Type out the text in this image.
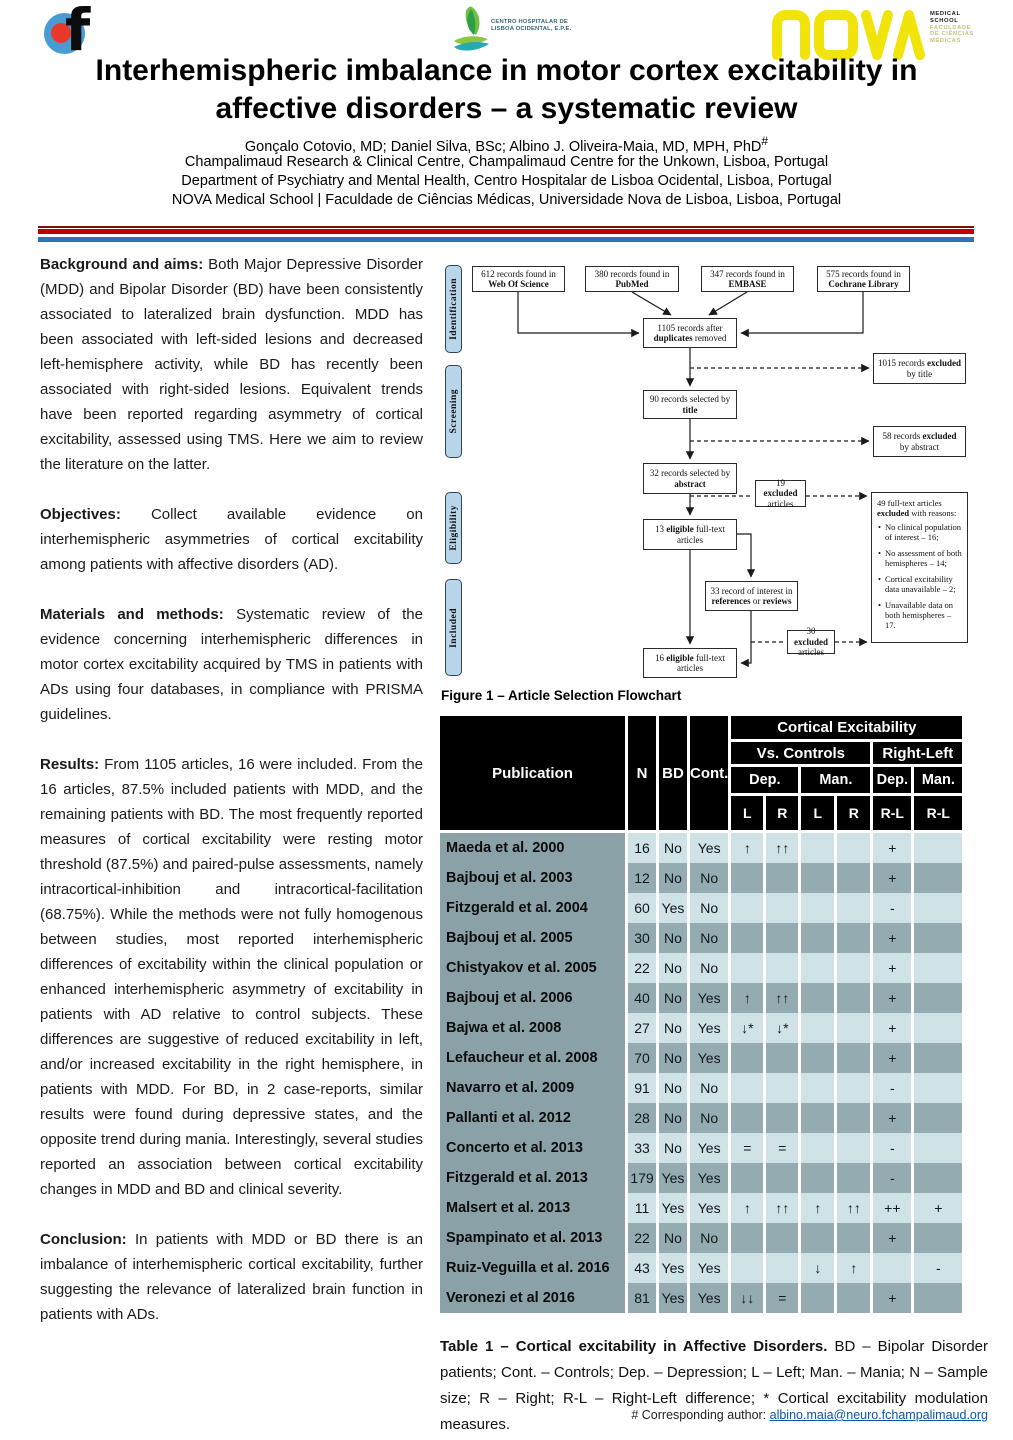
f	CENTRO HOSPITALAR DE
LISBOA OCIDENTAL, E.P.E.
MEDICAL
SCHOOL
FACULDADE
DE CIÊNCIAS
MÉDICAS
Interhemispheric imbalance in motor cortex excitability in
affective disorders – a systematic review
Gonçalo Cotovio, MD; Daniel Silva, BSc; Albino J. Oliveira-Maia, MD, MPH, PhD#
Champalimaud Research & Clinical Centre, Champalimaud Centre for the Unkown, Lisboa, Portugal
Department of Psychiatry and Mental Health, Centro Hospitalar de Lisboa Ocidental, Lisboa, Portugal
NOVA Medical School | Faculdade de Ciências Médicas, Universidade Nova de Lisboa, Lisboa, Portugal

Background and aims: Both Major Depressive Disorder (MDD) and Bipolar Disorder (BD) have been consistently associated to lateralized brain dysfunction. MDD has been associated with left-sided lesions and decreased left-hemisphere activity, while BD has recently been associated with right-sided lesions. Equivalent trends have been reported regarding asymmetry of cortical excitability, assessed using TMS. Here we aim to review the literature on the latter.

Objectives: Collect available evidence on interhemispheric asymmetries of cortical excitability among patients with affective disorders (AD).

Materials and methods: Systematic review of the evidence concerning interhemispheric differences in motor cortex excitability acquired by TMS in patients with ADs using four databases, in compliance with PRISMA guidelines.

Results: From 1105 articles, 16 were included. From the 16 articles, 87.5% included patients with MDD, and the remaining patients with BD. The most frequently reported measures of cortical excitability were resting motor threshold (87.5%) and paired-pulse assessments, namely intracortical-inhibition and intracortical-facilitation (68.75%). While the methods were not fully homogenous between studies, most reported interhemispheric differences of excitability within the clinical population or enhanced interhemispheric asymmetry of excitability in patients with AD relative to control subjects. These differences are suggestive of reduced excitability in left, and/or increased excitability in the right hemisphere, in patients with MDD. For BD, in 2 case-reports, similar results were found during depressive states, and the opposite trend during mania. Interestingly, several studies reported an association between cortical excitability changes in MDD and BD and clinical severity.

Conclusion: In patients with MDD or BD there is an imbalance of interhemispheric cortical excitability, further suggesting the relevance of lateralized brain function in patients with ADs.

Identification
Screening
Eligibility
Included
612 records found in Web Of Science
380 records found in PubMed
347 records found in EMBASE
575 records found in Cochrane Library
1105 records after duplicates removed
1015 records excluded by title
90 records selected by title
58 records excluded by abstract
32 records selected by abstract	19 excluded articles
13 eligible full-text articles
33 record of interest in references or reviews
30 excluded articles
16 eligible full-text articles
49 full-text articles excluded with reasons:
• No clinical population of interest – 16;
• No assessment of both hemispheres – 14;
• Cortical excitability data unavailable – 2;
• Unavailable data on both hemispheres – 17.
Figure 1 – Article Selection Flowchart
Publication	N	BD	Cont.	Cortical Excitability					
				Vs. Controls				Right-Left	
				Dep.		Man.		Dep.	Man.
				L	R	L	R	R-L	R-L
Maeda et al. 2000	16	No	Yes	↑	↑↑			+	
Bajbouj et al. 2003	12	No	No					+	
Fitzgerald et al. 2004	60	Yes	No					-	
Bajbouj et al. 2005	30	No	No					+	
Chistyakov et al. 2005	22	No	No					+	
Bajbouj et al. 2006	40	No	Yes	↑	↑↑			+	
Bajwa et al. 2008	27	No	Yes	↓*	↓*			+	
Lefaucheur et al. 2008	70	No	Yes					+	
Navarro et al. 2009	91	No	No					-	
Pallanti et al. 2012	28	No	No					+	
Concerto et al. 2013	33	No	Yes	=	=			-	
Fitzgerald et al. 2013	179	Yes	Yes					-	
Malsert et al. 2013	11	Yes	Yes	↑	↑↑	↑	↑↑	++	+
Spampinato et al. 2013	22	No	No					+	
Ruiz-Veguilla et al. 2016	43	Yes	Yes			↓	↑		-
Veronezi et al 2016	81	Yes	Yes	↓↓	=			+	
Table 1 – Cortical excitability in Affective Disorders. BD – Bipolar Disorder patients; Cont. – Controls; Dep. – Depression; L – Left; Man. – Mania; N – Sample size; R – Right; R-L – Right-Left difference; * Cortical excitability modulation measures.
# Corresponding author: albino.maia@neuro.fchampalimaud.org
